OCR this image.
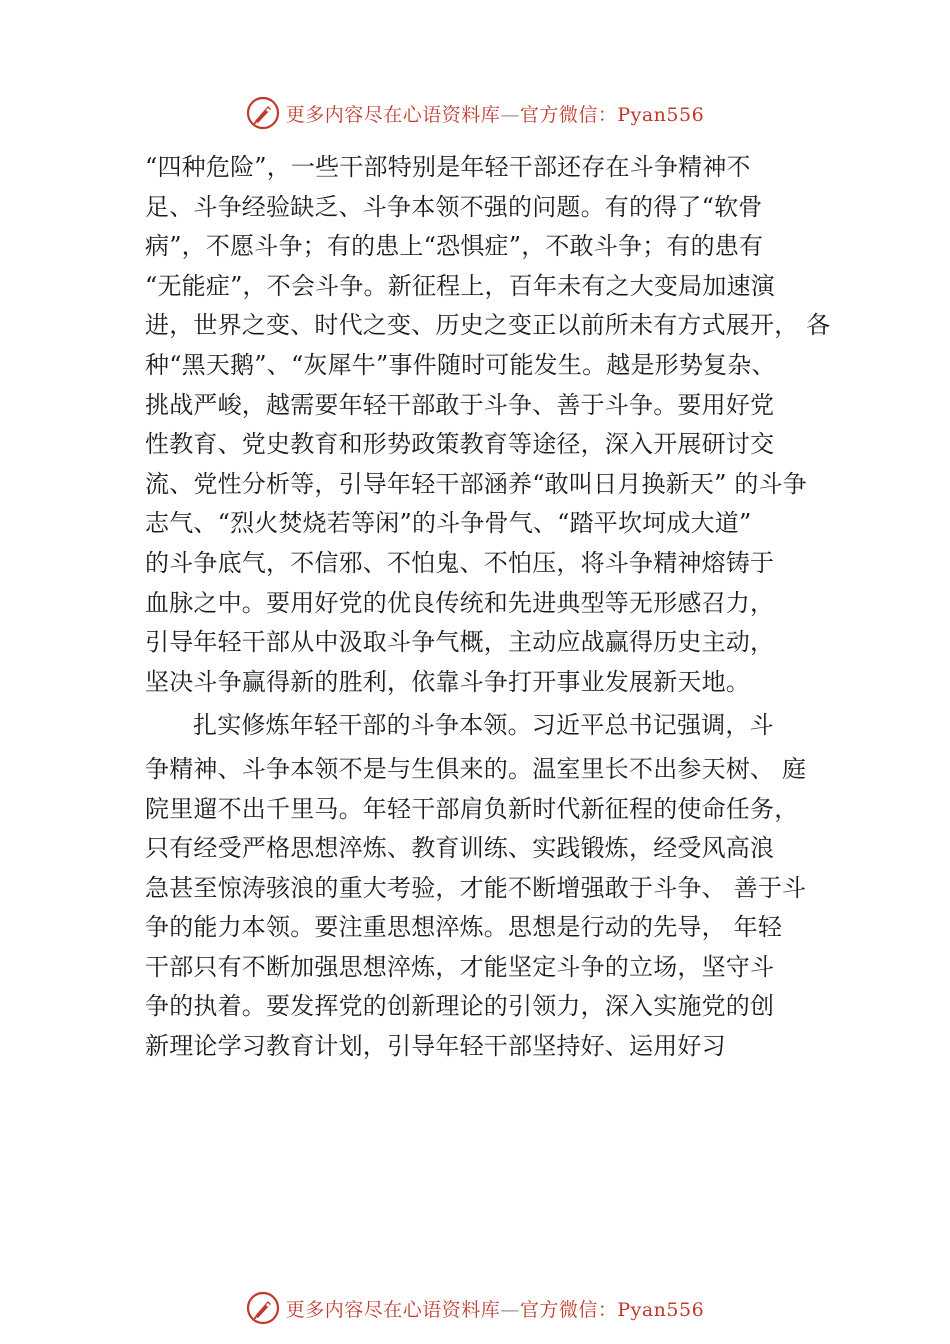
更多内容尽在心语资料库—官方微信：Pyan556
“四种危险”，一些干部特别是年轻干部还存在斗争精神不
足、斗争经验缺乏、斗争本领不强的问题。有的得了“软骨
病”，不愿斗争；有的患上“恐惧症”，不敢斗争；有的患有
“无能症”，不会斗争。新征程上，百年未有之大变局加速演
进，世界之变、时代之变、历史之变正以前所未有方式展开， 各
种“黑天鹅”、“灰犀牛”事件随时可能发生。越是形势复杂、
挑战严峻，越需要年轻干部敢于斗争、善于斗争。要用好党
性教育、党史教育和形势政策教育等途径，深入开展研讨交
流、党性分析等，引导年轻干部涵养“敢叫日月换新天” 的斗争
志气、“烈火焚烧若等闲”的斗争骨气、“踏平坎坷成大道”
的斗争底气，不信邪、不怕鬼、不怕压，将斗争精神熔铸于
血脉之中。要用好党的优良传统和先进典型等无形感召力，
引导年轻干部从中汲取斗争气概，主动应战赢得历史主动，
坚决斗争赢得新的胜利，依靠斗争打开事业发展新天地。
扎实修炼年轻干部的斗争本领。习近平总书记强调，斗
争精神、斗争本领不是与生俱来的。温室里长不出参天树、 庭
院里遛不出千里马。年轻干部肩负新时代新征程的使命任务，
只有经受严格思想淬炼、教育训练、实践锻炼，经受风高浪
急甚至惊涛骇浪的重大考验，才能不断增强敢于斗争、 善于斗
争的能力本领。要注重思想淬炼。思想是行动的先导， 年轻
干部只有不断加强思想淬炼，才能坚定斗争的立场，坚守斗
争的执着。要发挥党的创新理论的引领力，深入实施党的创
新理论学习教育计划，引导年轻干部坚持好、运用好习
更多内容尽在心语资料库—官方微信：Pyan556
